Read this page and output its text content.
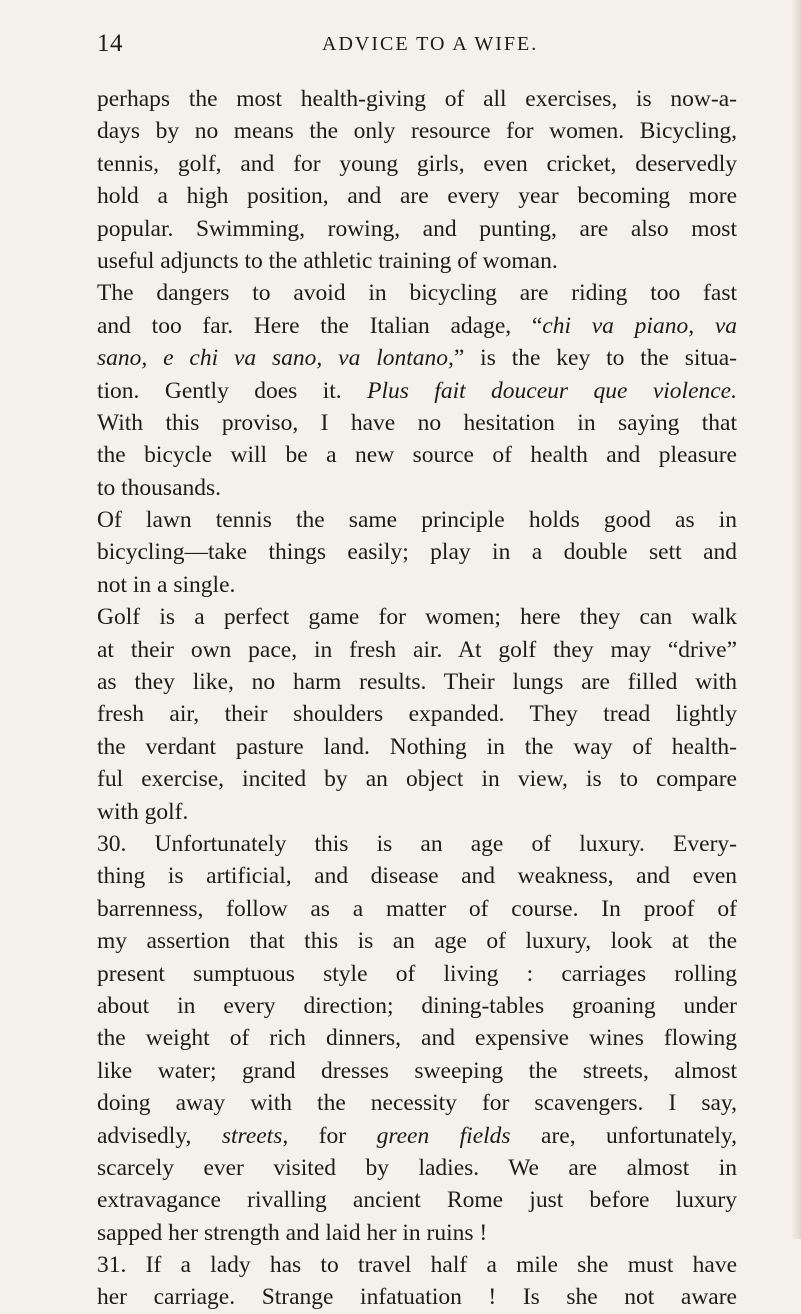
14	ADVICE TO A WIFE.
perhaps the most health-giving of all exercises, is now-a-
days by no means the only resource for women. Bicycling,
tennis, golf, and for young girls, even cricket, deservedly
hold a high position, and are every year becoming more
popular. Swimming, rowing, and punting, are also most
useful adjuncts to the athletic training of woman.
The dangers to avoid in bicycling are riding too fast
and too far. Here the Italian adage, “chi va piano, va
sano, e chi va sano, va lontano,” is the key to the situa-
tion. Gently does it. Plus fait douceur que violence.
With this proviso, I have no hesitation in saying that
the bicycle will be a new source of health and pleasure
to thousands.
Of lawn tennis the same principle holds good as in
bicycling—take things easily; play in a double sett and
not in a single.
Golf is a perfect game for women; here they can walk
at their own pace, in fresh air. At golf they may “drive”
as they like, no harm results. Their lungs are filled with
fresh air, their shoulders expanded. They tread lightly
the verdant pasture land. Nothing in the way of health-
ful exercise, incited by an object in view, is to compare
with golf.
30. Unfortunately this is an age of luxury. Every-
thing is artificial, and disease and weakness, and even
barrenness, follow as a matter of course. In proof of
my assertion that this is an age of luxury, look at the
present sumptuous style of living : carriages rolling
about in every direction; dining-tables groaning under
the weight of rich dinners, and expensive wines flowing
like water; grand dresses sweeping the streets, almost
doing away with the necessity for scavengers. I say,
advisedly, streets, for green fields are, unfortunately,
scarcely ever visited by ladies. We are almost in
extravagance rivalling ancient Rome just before luxury
sapped her strength and laid her in ruins !
31. If a lady has to travel half a mile she must have
her carriage. Strange infatuation ! Is she not aware
